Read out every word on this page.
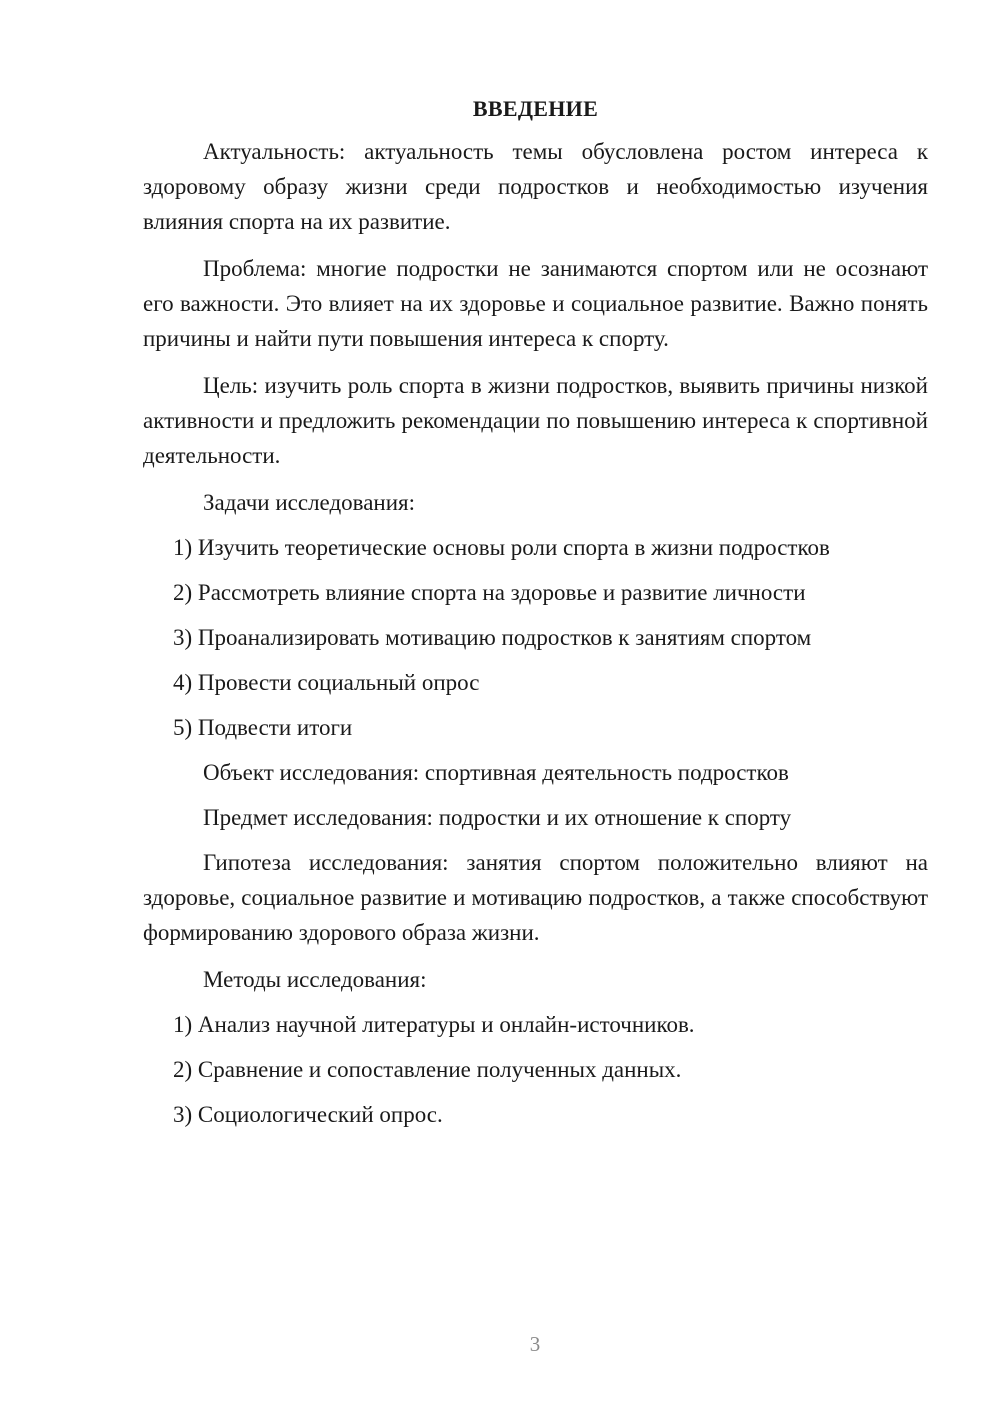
ВВЕДЕНИЕ

Актуальность: актуальность темы обусловлена ростом интереса к здоровому образу жизни среди подростков и необходимостью изучения влияния спорта на их развитие.

Проблема: многие подростки не занимаются спортом или не осознают его важности. Это влияет на их здоровье и социальное развитие. Важно понять причины и найти пути повышения интереса к спорту.

Цель: изучить роль спорта в жизни подростков, выявить причины низкой активности и предложить рекомендации по повышению интереса к спортивной деятельности.

Задачи исследования:

1) Изучить теоретические основы роли спорта в жизни подростков
2) Рассмотреть влияние спорта на здоровье и развитие личности
3) Проанализировать мотивацию подростков к занятиям спортом
4) Провести социальный опрос
5) Подвести итоги

Объект исследования: спортивная деятельность подростков

Предмет исследования: подростки и их отношение к спорту

Гипотеза исследования: занятия спортом положительно влияют на здоровье, социальное развитие и мотивацию подростков, а также способствуют формированию здорового образа жизни.

Методы исследования:

1) Анализ научной литературы и онлайн-источников.
2) Сравнение и сопоставление полученных данных.
3) Социологический опрос.
3
